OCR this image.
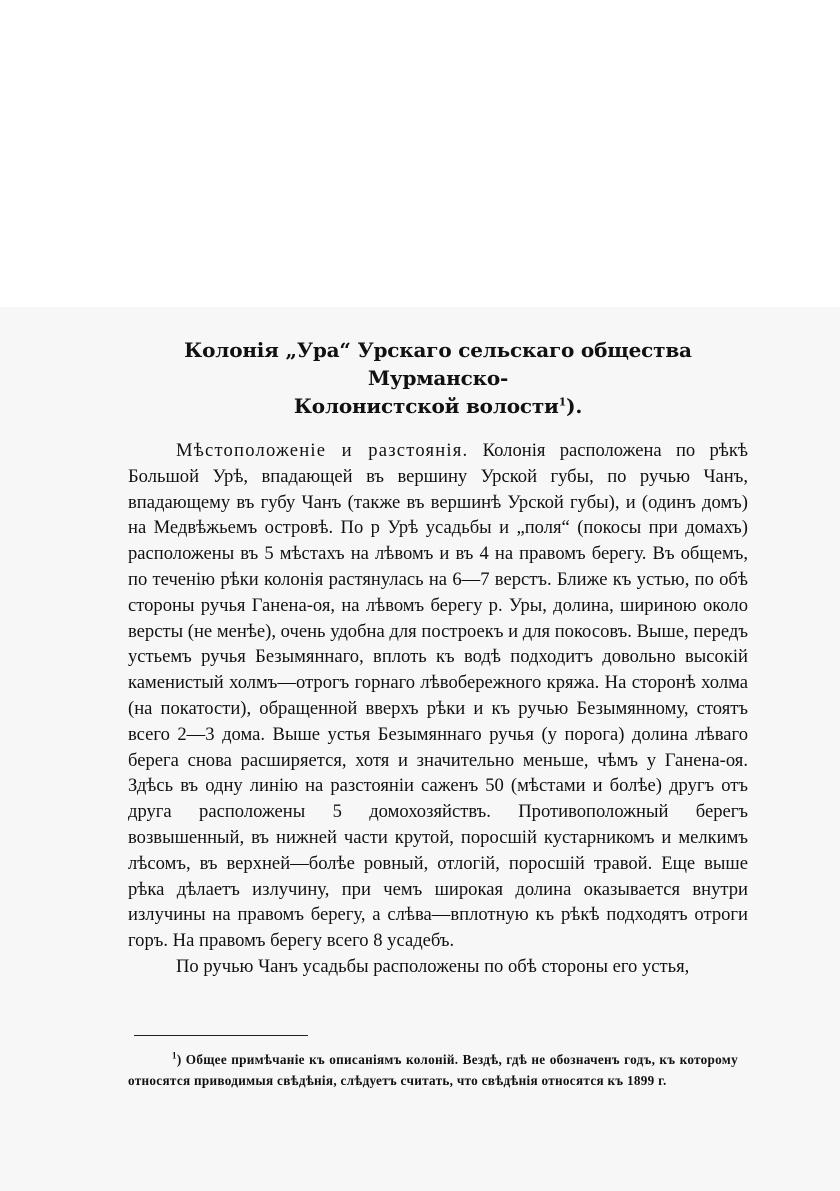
Колонія „Ура“ Урскаго сельскаго общества Мурманско-
Колонистской волости$^1$).

Мѣстоположеніе и разстоянія. Колонія расположена по рѣкѣ Большой Урѣ, впадающей въ вершину Урской губы, по ручью Чанъ, впадающему въ губу Чанъ (также въ вершинѣ Урской губы), и (одинъ домъ) на Медвѣжьемъ островѣ. По р Урѣ усадьбы и „поля“ (покосы при домахъ) расположены въ 5 мѣстахъ на лѣвомъ и въ 4 на правомъ берегу. Въ общемъ, по теченію рѣки колонія растянулась на 6—7 верстъ. Ближе къ устью, по обѣ стороны ручья Ганена-оя, на лѣвомъ берегу р. Уры, долина, шириною около версты (не менѣе), очень удобна для построекъ и для покосовъ. Выше, передъ устьемъ ручья Безымяннаго, вплоть къ водѣ подходитъ довольно высокій каменистый холмъ—отрогъ горнаго лѣвобережного кряжа. На сторонѣ холма (на покатости), обращенной вверхъ рѣки и къ ручью Безымянному, стоятъ всего 2—3 дома. Выше устья Безымяннаго ручья (у порога) долина лѣваго берега снова расширяется, хотя и значительно меньше, чѣмъ у Ганена-оя. Здѣсь въ одну линію на разстояніи саженъ 50 (мѣстами и болѣе) другъ отъ друга расположены 5 домохозяйствъ. Противоположный берегъ возвышенный, въ нижней части крутой, поросшій кустарникомъ и мелкимъ лѣсомъ, въ верхней—болѣе ровный, отлогій, поросшій травой. Еще выше рѣка дѣлаетъ излучину, при чемъ широкая долина оказывается внутри излучины на правомъ берегу, а слѣва—вплотную къ рѣкѣ подходятъ отроги горъ. На правомъ берегу всего 8 усадебъ.

По ручью Чанъ усадьбы расположены по обѣ стороны его устья,

$^1$) Общее примѣчаніе къ описаніямъ колоній. Вездѣ, гдѣ не обозначенъ годъ, къ которому относятся приводимыя свѣдѣнія, слѣдуетъ считать, что свѣдѣнія относятся къ 1899 г.
